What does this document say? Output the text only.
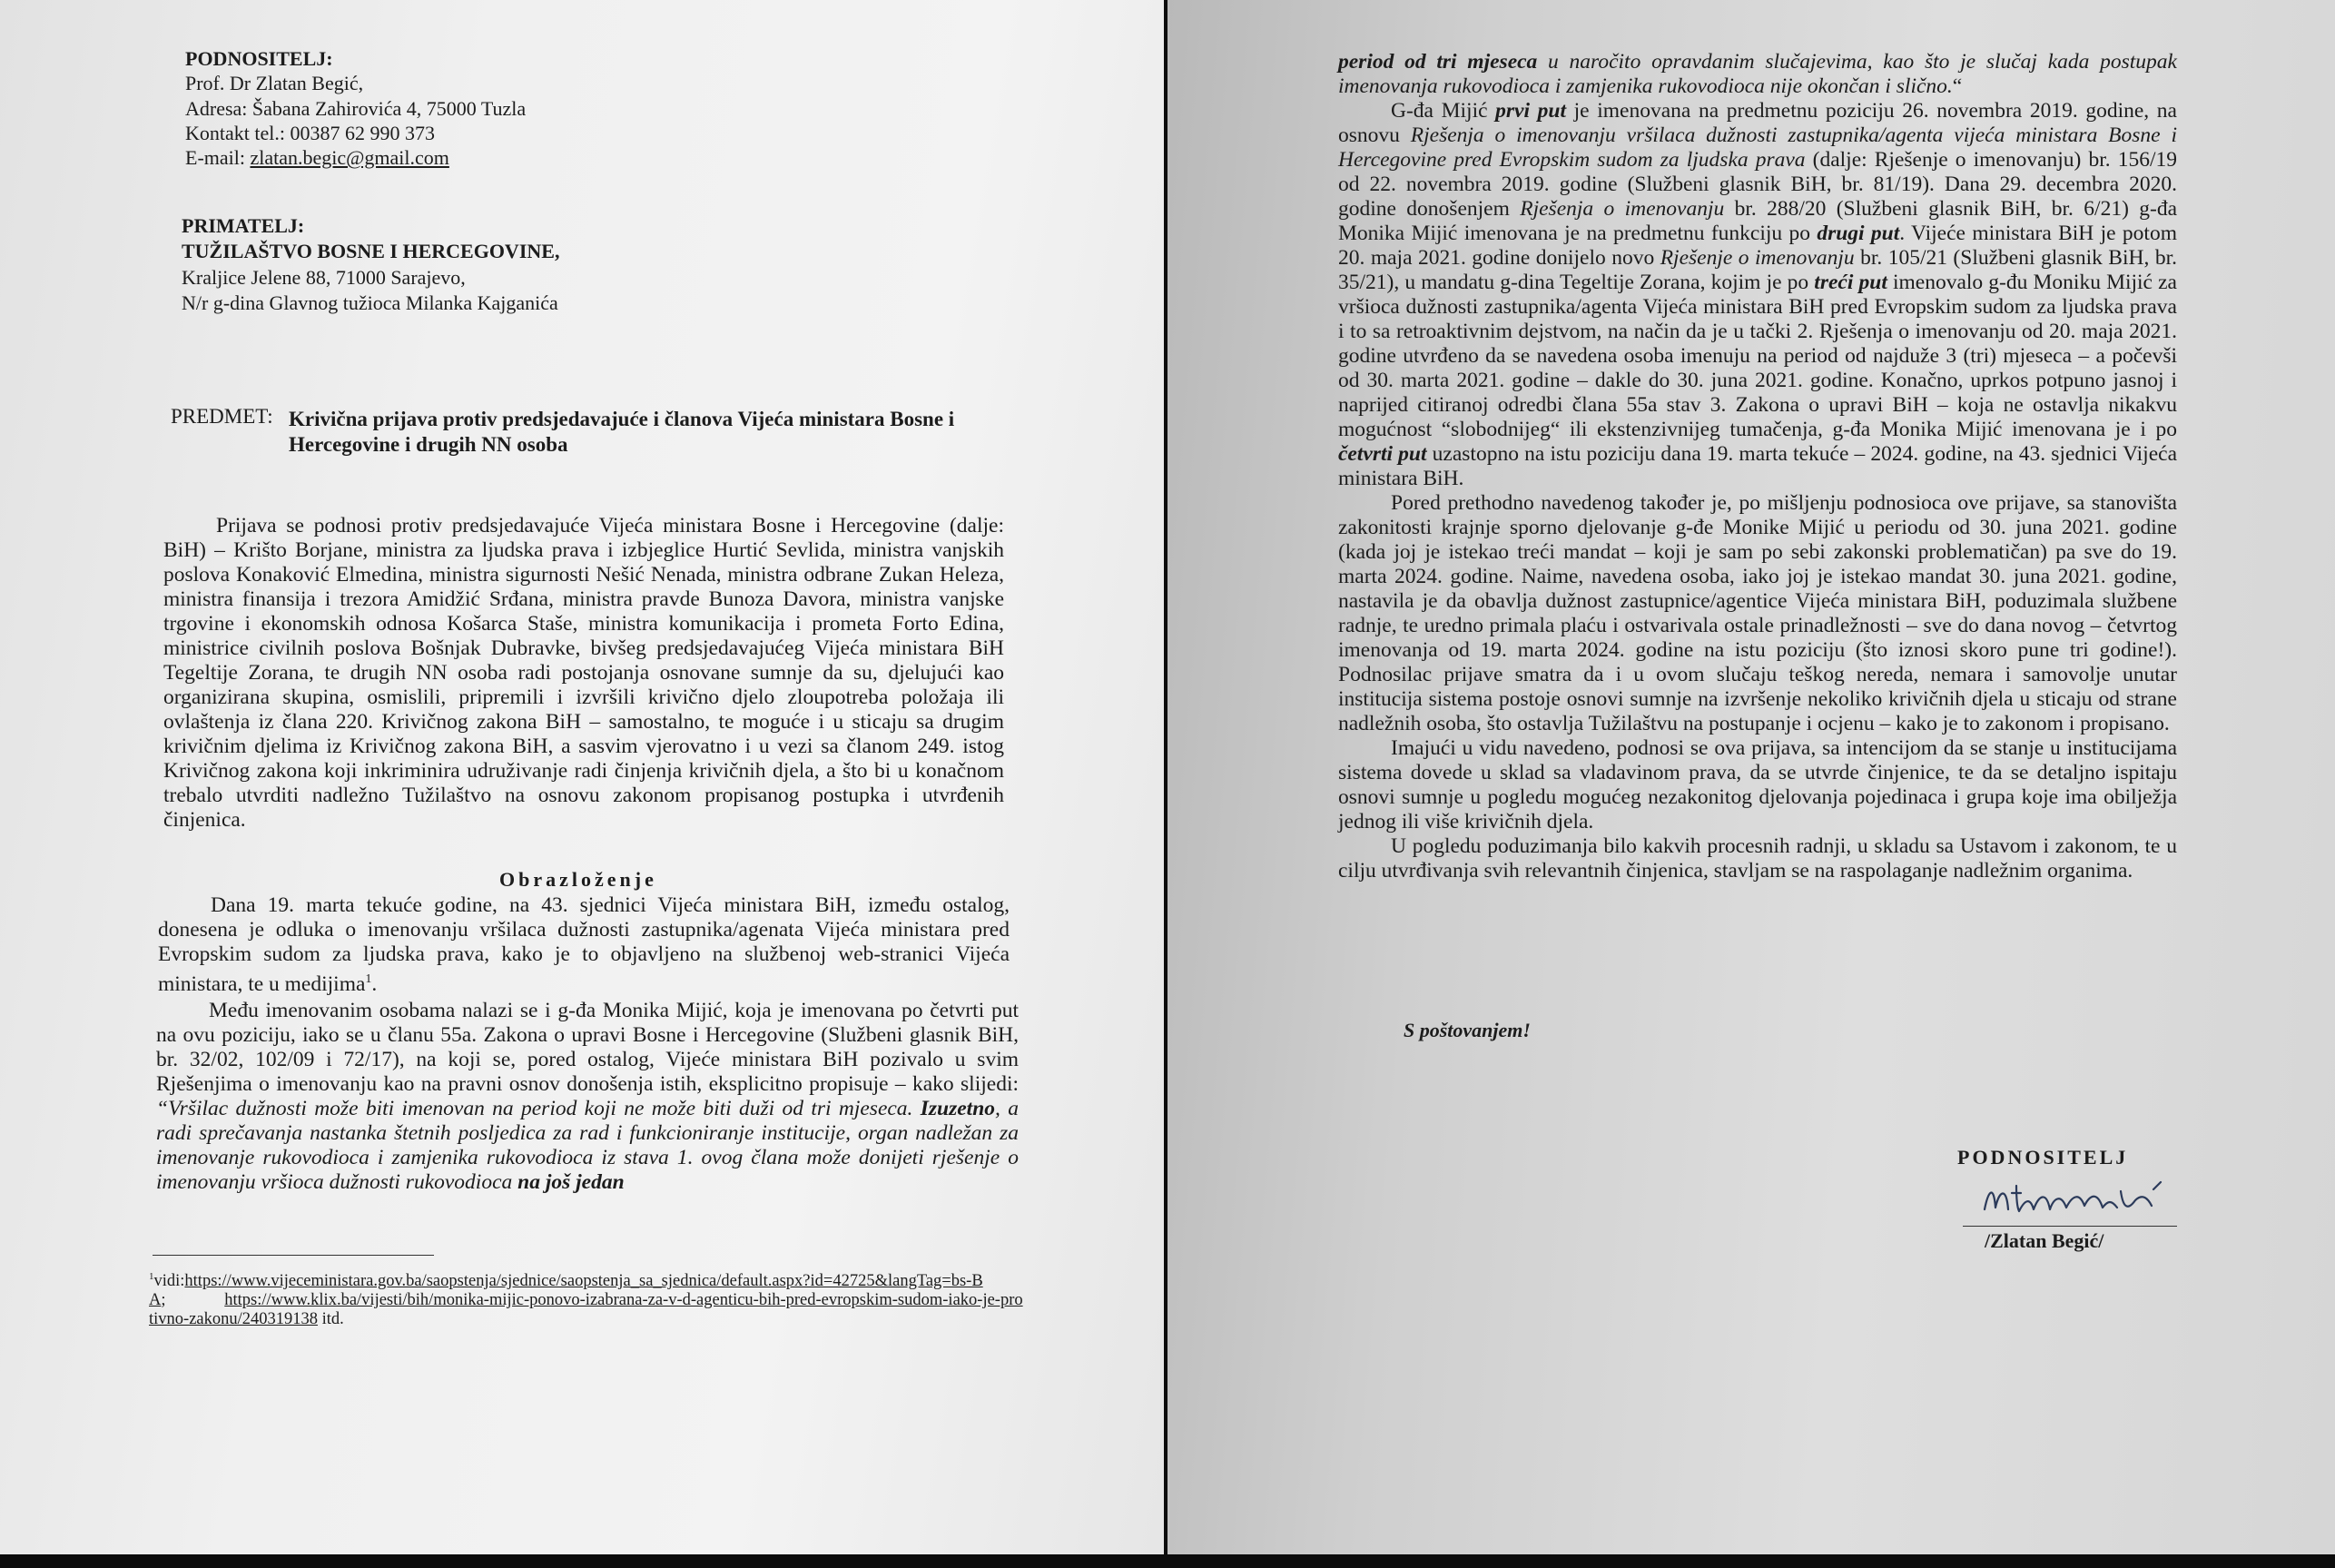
PODNOSITELJ:
Prof. Dr Zlatan Begić,
Adresa: Šabana Zahirovića 4, 75000 Tuzla
Kontakt tel.: 00387 62 990 373
E-mail: zlatan.begic@gmail.com
PRIMATELJ:
TUŽILAŠTVO BOSNE I HERCEGOVINE,
Kraljice Jelene 88, 71000 Sarajevo,
N/r g-dina Glavnog tužioca Milanka Kajganića
PREDMET: Krivična prijava protiv predsjedavajuće i članova Vijeća ministara Bosne i Hercegovine i drugih NN osoba

Prijava se podnosi protiv predsjedavajuće Vijeća ministara Bosne i Hercegovine (dalje: BiH) – Krišto Borjane, ministra za ljudska prava i izbjeglice Hurtić Sevlida, ministra vanjskih poslova Konaković Elmedina, ministra sigurnosti Nešić Nenada, ministra odbrane Zukan Heleza, ministra finansija i trezora Amidžić Srđana, ministra pravde Bunoza Davora, ministra vanjske trgovine i ekonomskih odnosa Košarca Staše, ministra komunikacija i prometa Forto Edina, ministrice civilnih poslova Bošnjak Dubravke, bivšeg predsjedavajućeg Vijeća ministara BiH Tegeltije Zorana, te drugih NN osoba radi postojanja osnovane sumnje da su, djelujući kao organizirana skupina, osmislili, pripremili i izvršili krivično djelo zloupotreba položaja ili ovlaštenja iz člana 220. Krivičnog zakona BiH – samostalno, te moguće i u sticaju sa drugim krivičnim djelima iz Krivičnog zakona BiH, a sasvim vjerovatno i u vezi sa članom 249. istog Krivičnog zakona koji inkriminira udruživanje radi činjenja krivičnih djela, a što bi u konačnom trebalo utvrditi nadležno Tužilaštvo na osnovu zakonom propisanog postupka i utvrđenih činjenica.

Obrazloženje
Dana 19. marta tekuće godine, na 43. sjednici Vijeća ministara BiH, između ostalog, donesena je odluka o imenovanju vršilaca dužnosti zastupnika/agenata Vijeća ministara pred Evropskim sudom za ljudska prava, kako je to objavljeno na službenoj web-stranici Vijeća ministara, te u medijima$^1$.
Među imenovanim osobama nalazi se i g-đa Monika Mijić, koja je imenovana po četvrti put na ovu poziciju, iako se u članu 55a. Zakona o upravi Bosne i Hercegovine (Službeni glasnik BiH, br. 32/02, 102/09 i 72/17), na koji se, pored ostalog, Vijeće ministara BiH pozivalo u svim Rješenjima o imenovanju kao na pravni osnov donošenja istih, eksplicitno propisuje – kako slijedi: “Vršilac dužnosti može biti imenovan na period koji ne može biti duži od tri mjeseca. Izuzetno, a radi sprečavanja nastanka štetnih posljedica za rad i funkcioniranje institucije, organ nadležan za imenovanje rukovodioca i zamjenika rukovodioca iz stava 1. ovog člana može donijeti rješenje o imenovanju vršioca dužnosti rukovodioca na još jedan
$^1$vidi:https://www.vijeceministara.gov.ba/saopstenja/sjednice/saopstenja_sa_sjednica/default.aspx?id=42725&langTag=bs-BA;	https://www.klix.ba/vijesti/bih/monika-mijic-ponovo-izabrana-za-v-d-agenticu-bih-pred-evropskim-sudom-iako-je-protivno-zakonu/240319138 itd.

period od tri mjeseca u naročito opravdanim slučajevima, kao što je slučaj kada postupak imenovanja rukovodioca i zamjenika rukovodioca nije okončan i slično.“

G-đa Mijić prvi put je imenovana na predmetnu poziciju 26. novembra 2019. godine, na osnovu Rješenja o imenovanju vršilaca dužnosti zastupnika/agenta vijeća ministara Bosne i Hercegovine pred Evropskim sudom za ljudska prava (dalje: Rješenje o imenovanju) br. 156/19 od 22. novembra 2019. godine (Službeni glasnik BiH, br. 81/19). Dana 29. decembra 2020. godine donošenjem Rješenja o imenovanju br. 288/20 (Službeni glasnik BiH, br. 6/21) g-đa Monika Mijić imenovana je na predmetnu funkciju po drugi put. Vijeće ministara BiH je potom 20. maja 2021. godine donijelo novo Rješenje o imenovanju br. 105/21 (Službeni glasnik BiH, br. 35/21), u mandatu g-dina Tegeltije Zorana, kojim je po treći put imenovalo g-đu Moniku Mijić za vršioca dužnosti zastupnika/agenta Vijeća ministara BiH pred Evropskim sudom za ljudska prava i to sa retroaktivnim dejstvom, na način da je u tački 2. Rješenja o imenovanju od 20. maja 2021. godine utvrđeno da se navedena osoba imenuju na period od najduže 3 (tri) mjeseca – a počevši od 30. marta 2021. godine – dakle do 30. juna 2021. godine. Konačno, uprkos potpuno jasnoj i naprijed citiranoj odredbi člana 55a stav 3. Zakona o upravi BiH – koja ne ostavlja nikakvu mogućnost “slobodnijeg“ ili ekstenzivnijeg tumačenja, g-đa Monika Mijić imenovana je i po četvrti put uzastopno na istu poziciju dana 19. marta tekuće – 2024. godine, na 43. sjednici Vijeća ministara BiH.

Pored prethodno navedenog također je, po mišljenju podnosioca ove prijave, sa stanovišta zakonitosti krajnje sporno djelovanje g-đe Monike Mijić u periodu od 30. juna 2021. godine (kada joj je istekao treći mandat – koji je sam po sebi zakonski problematičan) pa sve do 19. marta 2024. godine. Naime, navedena osoba, iako joj je istekao mandat 30. juna 2021. godine, nastavila je da obavlja dužnost zastupnice/agentice Vijeća ministara BiH, poduzimala službene radnje, te uredno primala plaću i ostvarivala ostale prinadležnosti – sve do dana novog – četvrtog imenovanja od 19. marta 2024. godine na istu poziciju (što iznosi skoro pune tri godine!). Podnosilac prijave smatra da i u ovom slučaju teškog nereda, nemara i samovolje unutar institucija sistema postoje osnovi sumnje na izvršenje nekoliko krivičnih djela u sticaju od strane nadležnih osoba, što ostavlja Tužilaštvu na postupanje i ocjenu – kako je to zakonom i propisano.

Imajući u vidu navedeno, podnosi se ova prijava, sa intencijom da se stanje u institucijama sistema dovede u sklad sa vladavinom prava, da se utvrde činjenice, te da se detaljno ispitaju osnovi sumnje u pogledu mogućeg nezakonitog djelovanja pojedinaca i grupa koje ima obilježja jednog ili više krivičnih djela.

U pogledu poduzimanja bilo kakvih procesnih radnji, u skladu sa Ustavom i zakonom, te u cilju utvrđivanja svih relevantnih činjenica, stavljam se na raspolaganje nadležnim organima.

S poštovanjem!
PODNOSITELJ
/Zlatan Begić/
